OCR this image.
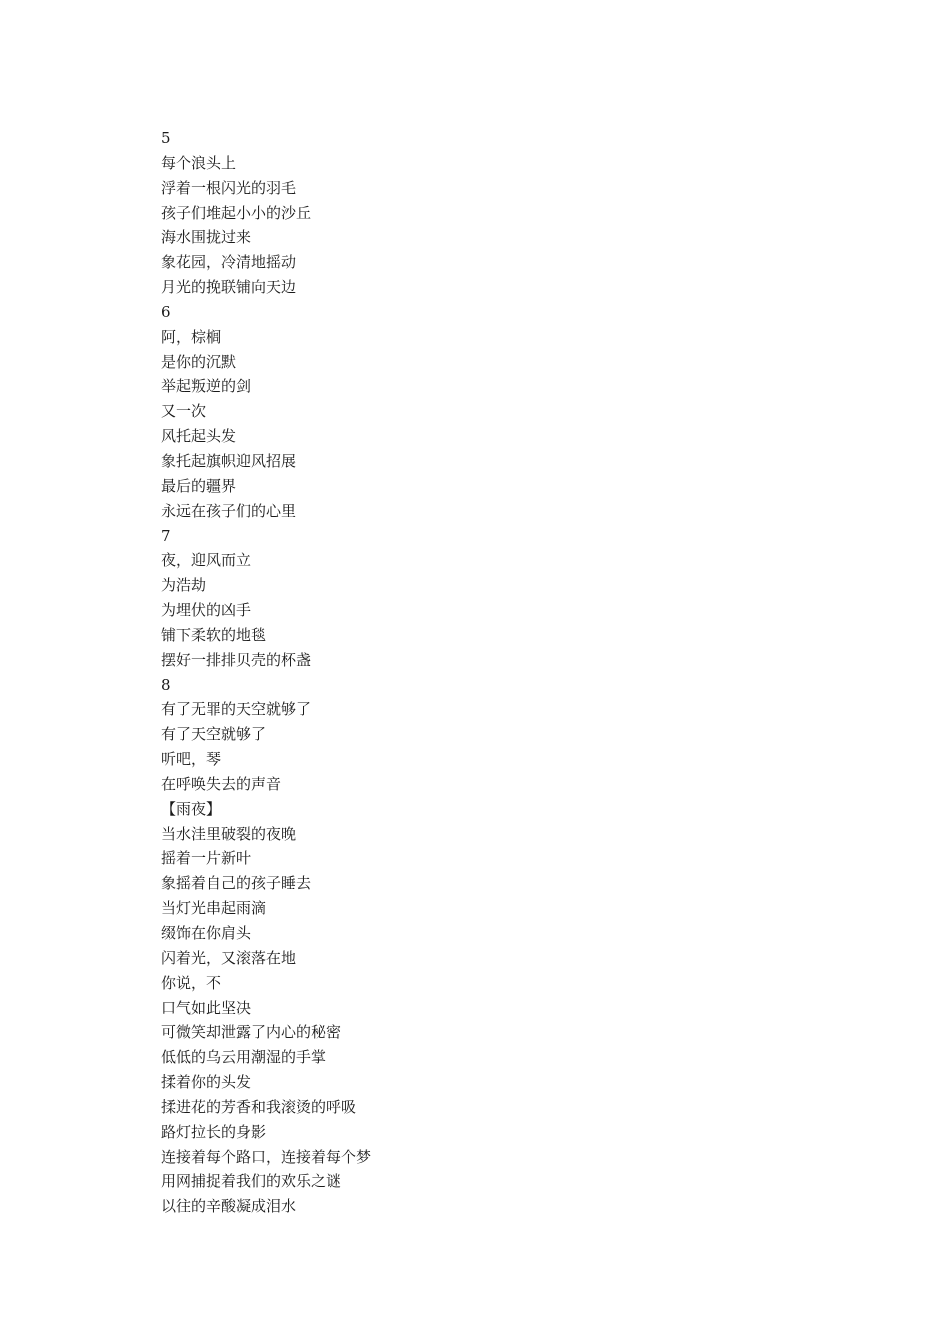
5
每个浪头上
浮着一根闪光的羽毛
孩子们堆起小小的沙丘
海水围拢过来
象花园，冷清地摇动
月光的挽联铺向天边
6
阿，棕榈
是你的沉默
举起叛逆的剑
又一次
风托起头发
象托起旗帜迎风招展
最后的疆界
永远在孩子们的心里
7
夜，迎风而立
为浩劫
为埋伏的凶手
铺下柔软的地毯
摆好一排排贝壳的杯盏
8
有了无罪的天空就够了
有了天空就够了
听吧，琴
在呼唤失去的声音
【雨夜】
当水洼里破裂的夜晚
摇着一片新叶
象摇着自己的孩子睡去
当灯光串起雨滴
缀饰在你肩头
闪着光，又滚落在地
你说，不
口气如此坚决
可微笑却泄露了内心的秘密
低低的乌云用潮湿的手掌
揉着你的头发
揉进花的芳香和我滚烫的呼吸
路灯拉长的身影
连接着每个路口，连接着每个梦
用网捕捉着我们的欢乐之谜
以往的辛酸凝成泪水
